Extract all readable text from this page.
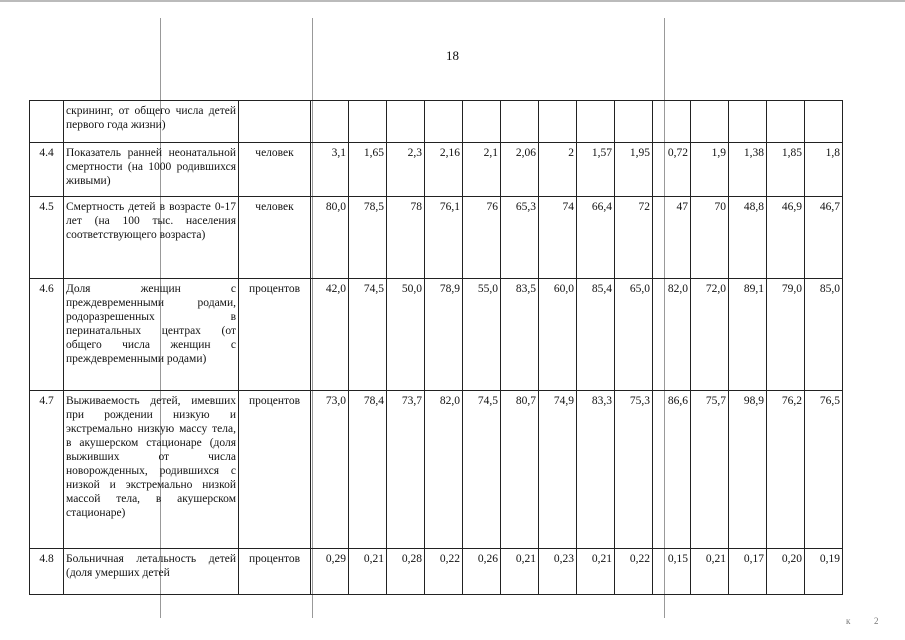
18
	скрининг, от общего числа детей первого года жизни)															
4.4	Показатель ранней неонатальной смертности (на 1000 родившихся живыми)	человек	3,1	1,65	2,3	2,16	2,1	2,06	2	1,57	1,95	0,72	1,9	1,38	1,85	1,8
4.5	Смертность детей в возрасте 0-17 лет (на 100 тыс. населения соответствующего возраста)	человек	80,0	78,5	78	76,1	76	65,3	74	66,4	72	47	70	48,8	46,9	46,7
4.6	Доля женщин с преждевременными родами, родоразрешенных в перинатальных центрах (от общего числа женщин с преждевременными родами)	процентов	42,0	74,5	50,0	78,9	55,0	83,5	60,0	85,4	65,0	82,0	72,0	89,1	79,0	85,0
4.7	Выживаемость детей, имевших при рождении низкую и экстремально низкую массу тела, в акушерском стационаре (доля выживших от числа новорожденных, родившихся с низкой и экстремально низкой массой тела, в акушерском стационаре)	процентов	73,0	78,4	73,7	82,0	74,5	80,7	74,9	83,3	75,3	86,6	75,7	98,9	76,2	76,5
4.8	Больничная летальность детей (доля умерших детей	процентов	0,29	0,21	0,28	0,22	0,26	0,21	0,23	0,21	0,22	0,15	0,21	0,17	0,20	0,19
к	2
